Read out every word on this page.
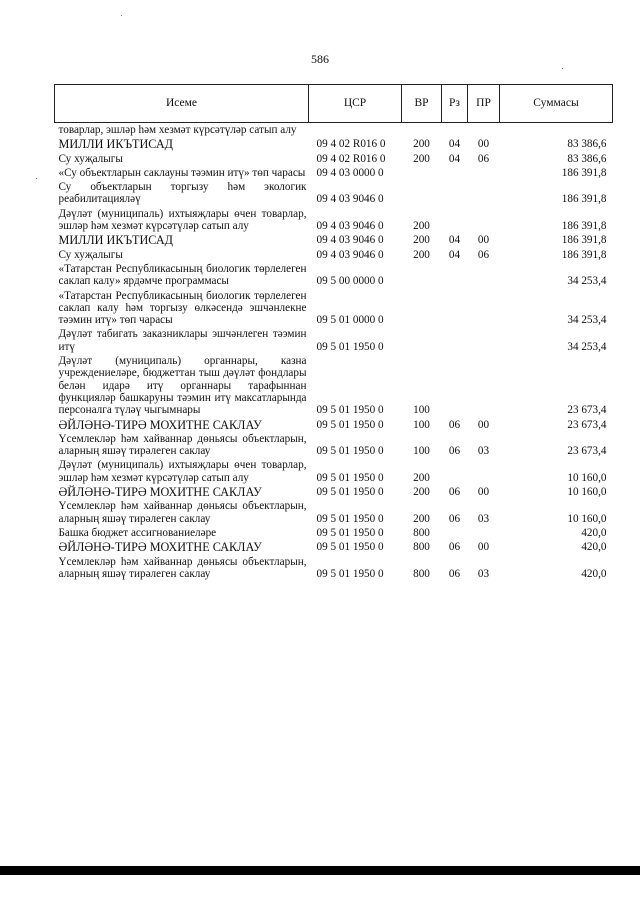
586
Исеме	ЦСР	ВР	Рз	ПР	Суммасы
товарлар, эшләр һәм хезмәт күрсәтүләр сатып алу					
МИЛЛИ ИКЪТИСАД	09 4 02 R016 0	200	04	00	83 386,6
Су хуҗалыгы	09 4 02 R016 0	200	04	06	83 386,6
«Су объектларын саклауны тәэмин итү» төп чарасы	09 4 03 0000 0				186 391,8
Су объектларын торгызу һәм экологик реабилитацияләү	09 4 03 9046 0				186 391,8
Дәүләт (муниципаль) ихтыяҗлары өчен товарлар, эшләр һәм хезмәт күрсәтүләр сатып алу	09 4 03 9046 0	200			186 391,8
МИЛЛИ ИКЪТИСАД	09 4 03 9046 0	200	04	00	186 391,8
Су хуҗалыгы	09 4 03 9046 0	200	04	06	186 391,8
«Татарстан Республикасының биологик төрлелеген саклап калу» ярдәмче программасы	09 5 00 0000 0				34 253,4
«Татарстан Республикасының биологик төрлелеген саклап калу һәм торгызу өлкәсендә эшчәнлекне тәэмин итү» төп чарасы	09 5 01 0000 0				34 253,4
Дәүләт табигать заказниклары эшчәнлеген тәэмин итү	09 5 01 1950 0				34 253,4
Дәүләт (муниципаль) органнары, казна учреждениеләре, бюджеттан тыш дәүләт фондлары белән идарә итү органнары тарафыннан функцияләр башкаруны тәэмин итү максатларында персоналга түләү чыгымнары	09 5 01 1950 0	100			23 673,4
ӘЙЛӘНӘ-ТИРӘ МОХИТНЕ САКЛАУ	09 5 01 1950 0	100	06	00	23 673,4
Үсемлекләр һәм хайваннар дөньясы объектларын, аларның яшәү тирәлеген саклау	09 5 01 1950 0	100	06	03	23 673,4
Дәүләт (муниципаль) ихтыяҗлары өчен товарлар, эшләр һәм хезмәт күрсәтүләр сатып алу	09 5 01 1950 0	200			10 160,0
ӘЙЛӘНӘ-ТИРӘ МОХИТНЕ САКЛАУ	09 5 01 1950 0	200	06	00	10 160,0
Үсемлекләр һәм хайваннар дөньясы объектларын, аларның яшәү тирәлеген саклау	09 5 01 1950 0	200	06	03	10 160,0
Башка бюджет ассигнованиеләре	09 5 01 1950 0	800			420,0
ӘЙЛӘНӘ-ТИРӘ МОХИТНЕ САКЛАУ	09 5 01 1950 0	800	06	00	420,0
Үсемлекләр һәм хайваннар дөньясы объектларын, аларның яшәү тирәлеген саклау	09 5 01 1950 0	800	06	03	420,0
